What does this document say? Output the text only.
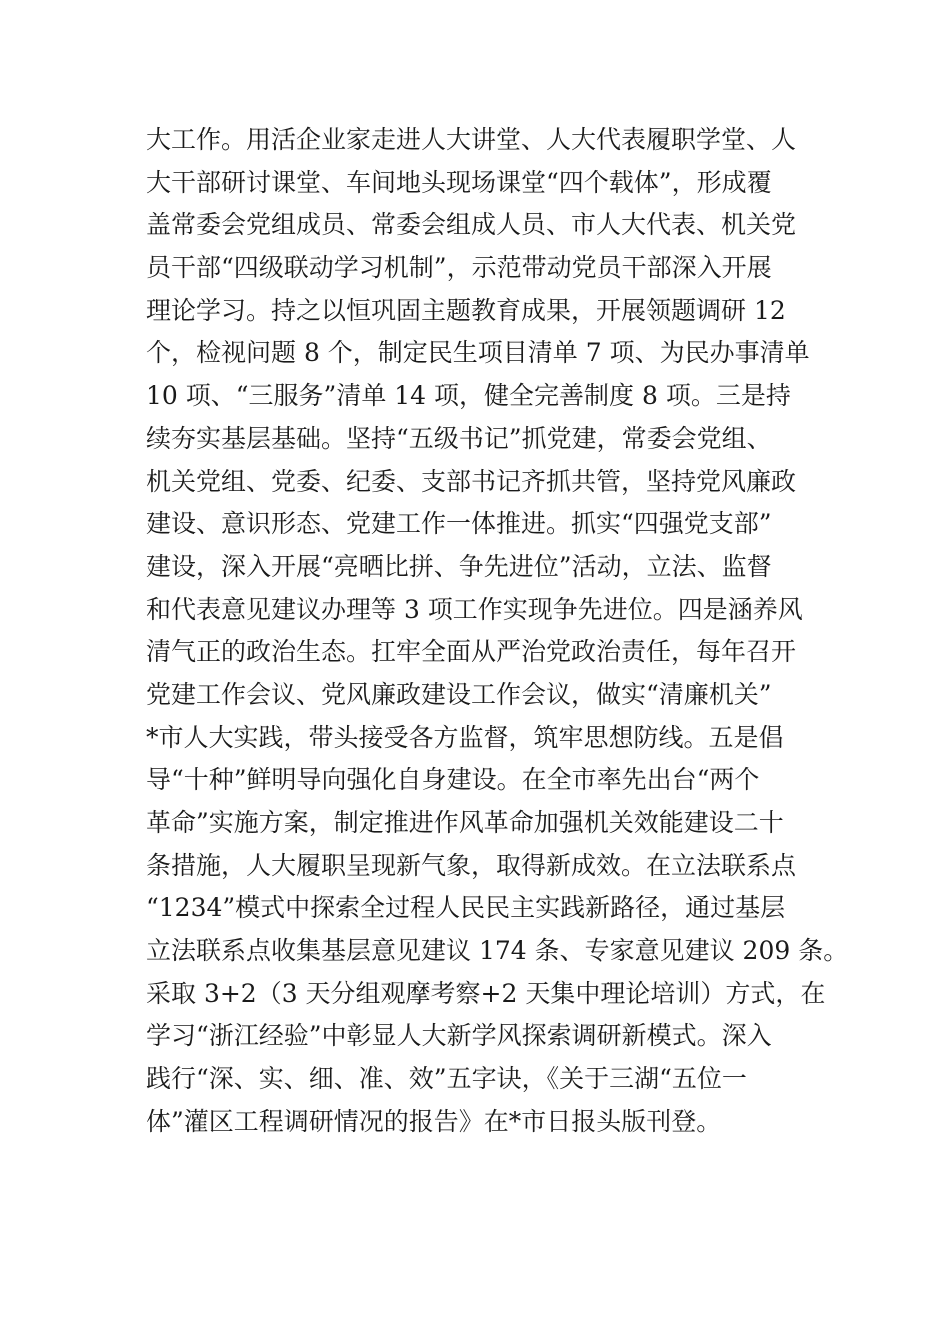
大工作。用活企业家走进人大讲堂、人大代表履职学堂、人
大干部研讨课堂、车间地头现场课堂“四个载体”，形成覆
盖常委会党组成员、常委会组成人员、市人大代表、机关党
员干部“四级联动学习机制”，示范带动党员干部深入开展
理论学习。持之以恒巩固主题教育成果，开展领题调研 12
个，检视问题 8 个，制定民生项目清单 7 项、为民办事清单
10 项、“三服务”清单 14 项，健全完善制度 8 项。三是持
续夯实基层基础。坚持“五级书记”抓党建，常委会党组、
机关党组、党委、纪委、支部书记齐抓共管，坚持党风廉政
建设、意识形态、党建工作一体推进。抓实“四强党支部”
建设，深入开展“亮晒比拼、争先进位”活动，立法、监督
和代表意见建议办理等 3 项工作实现争先进位。四是涵养风
清气正的政治生态。扛牢全面从严治党政治责任，每年召开
党建工作会议、党风廉政建设工作会议，做实“清廉机关”
*市人大实践，带头接受各方监督，筑牢思想防线。五是倡
导“十种”鲜明导向强化自身建设。在全市率先出台“两个
革命”实施方案，制定推进作风革命加强机关效能建设二十
条措施，人大履职呈现新气象，取得新成效。在立法联系点
“1234”模式中探索全过程人民民主实践新路径，通过基层
立法联系点收集基层意见建议 174 条、专家意见建议 209 条。
采取 3+2（3 天分组观摩考察+2 天集中理论培训）方式，在
学习“浙江经验”中彰显人大新学风探索调研新模式。深入
践行“深、实、细、准、效”五字诀，《关于三湖“五位一
体”灌区工程调研情况的报告》在*市日报头版刊登。
